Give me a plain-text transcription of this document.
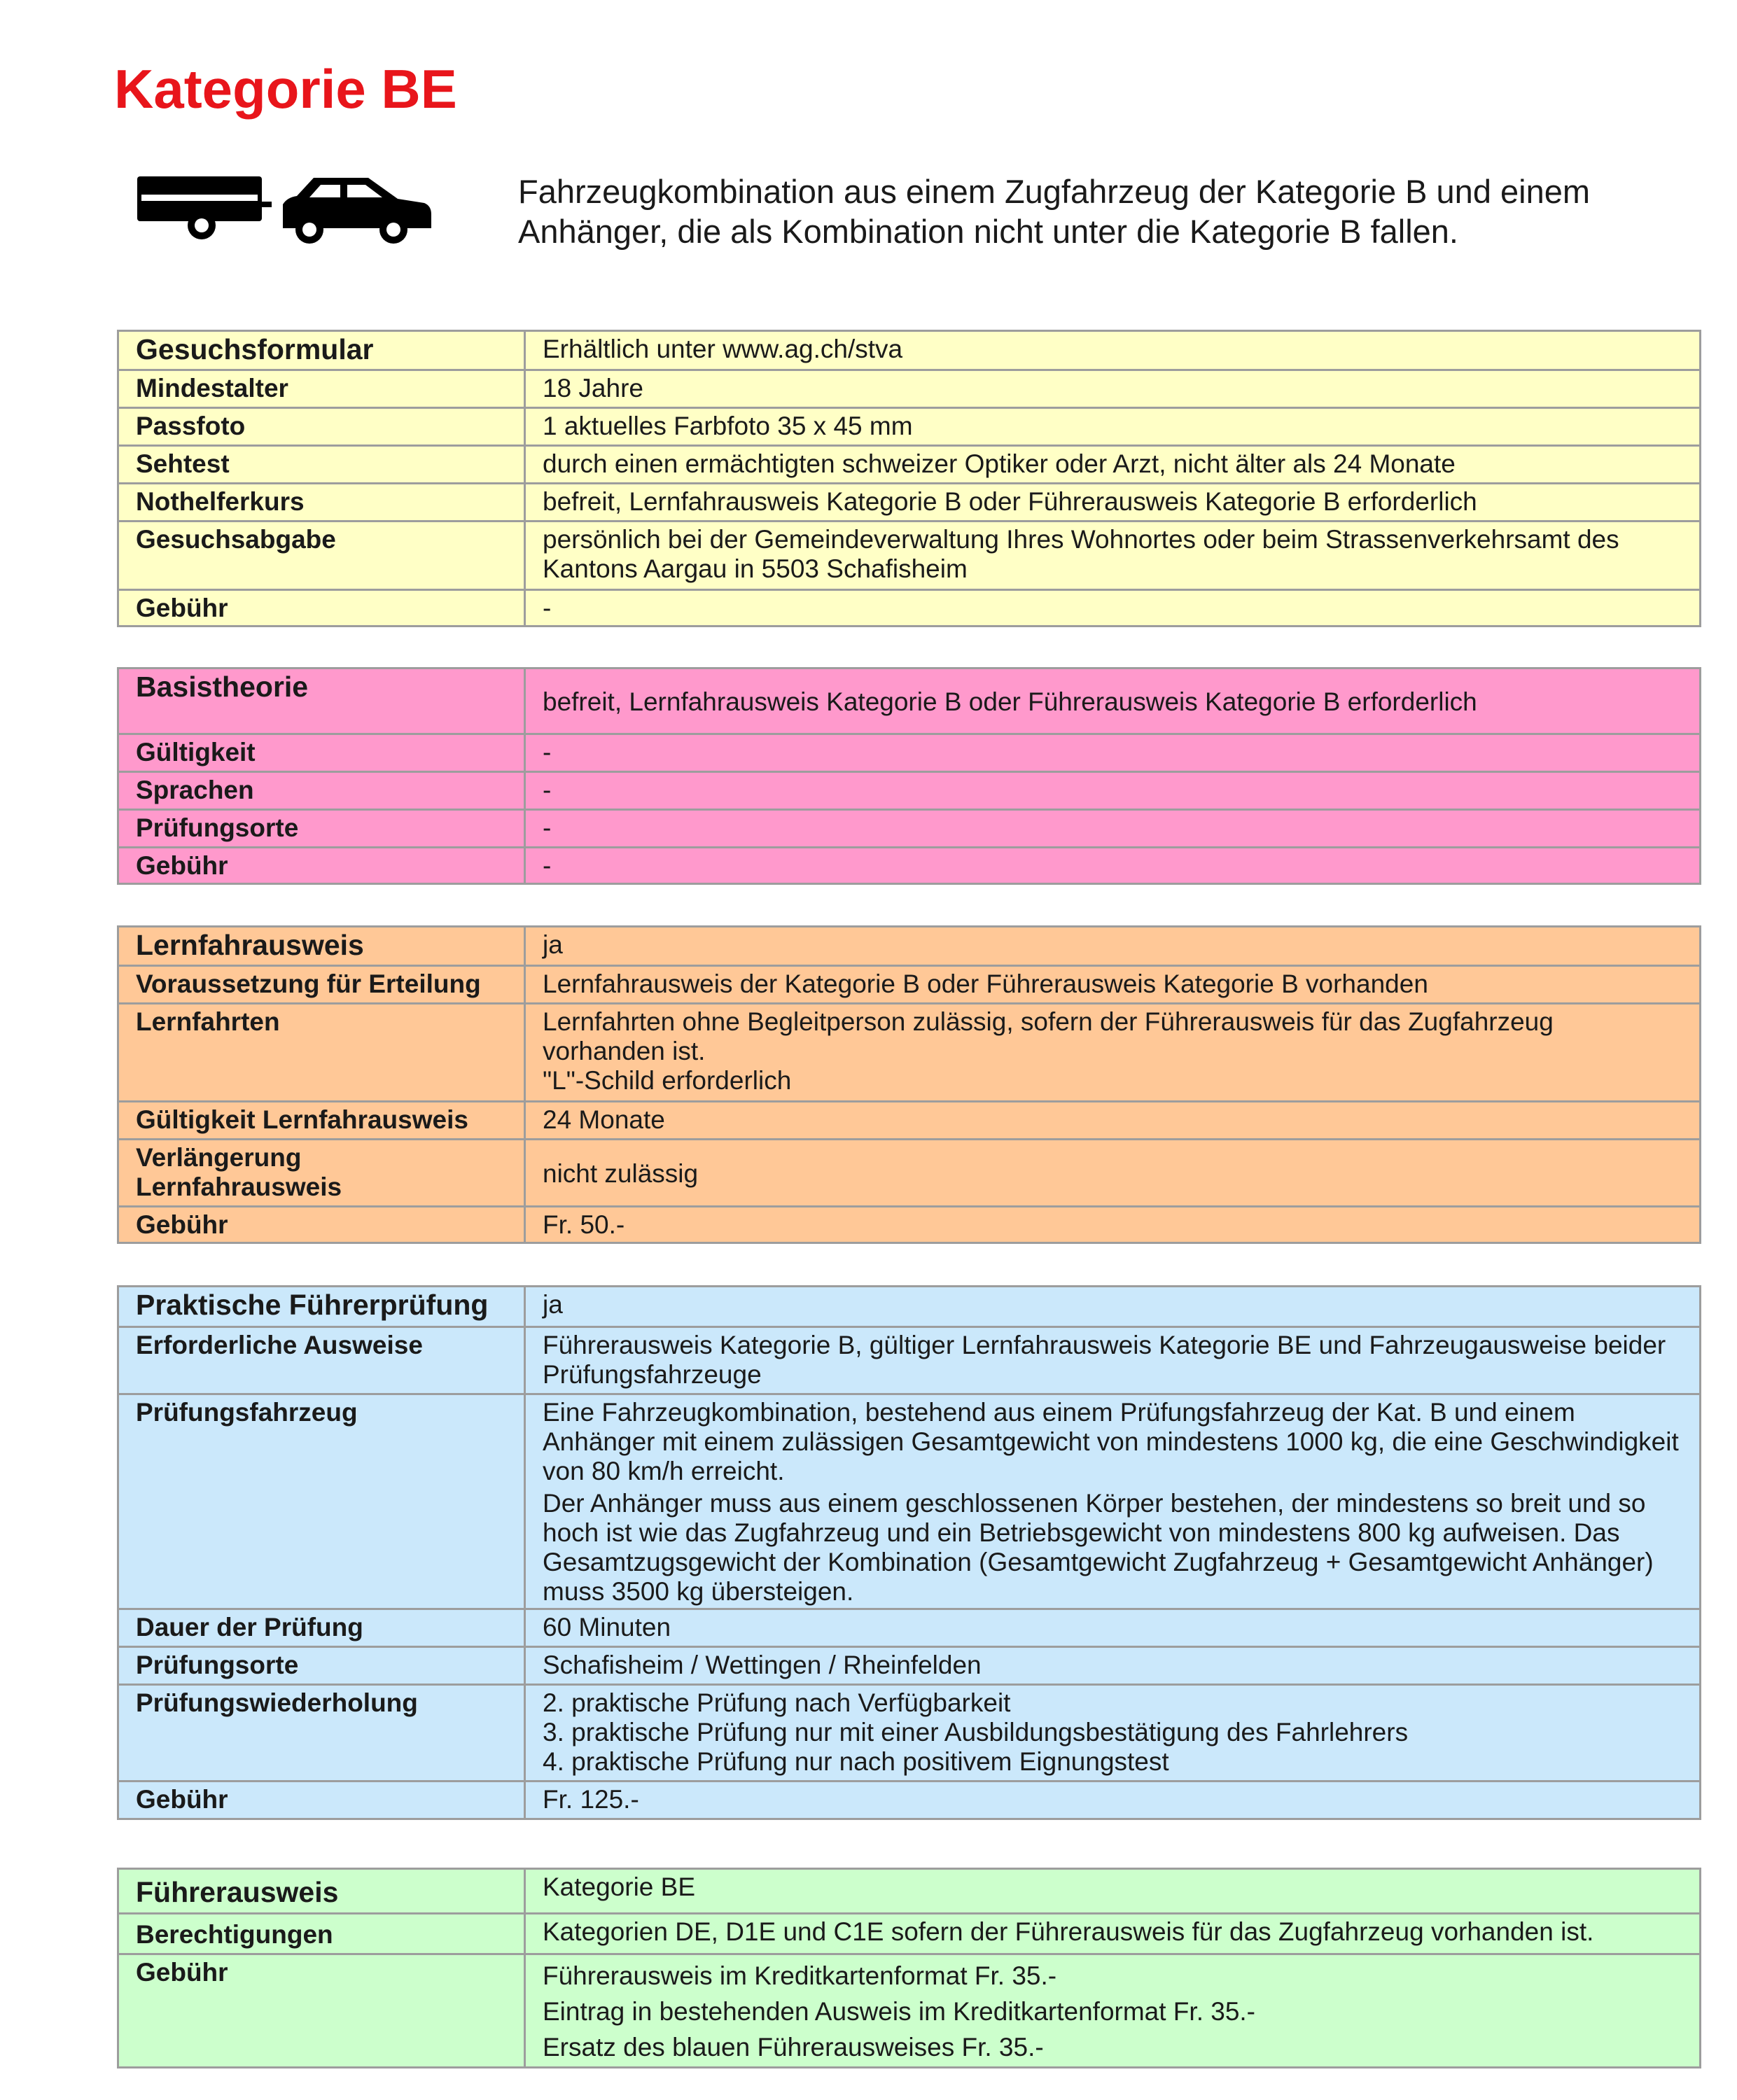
Kategorie BE

Fahrzeugkombination aus einem Zugfahrzeug der Kategorie B und einem Anhänger, die als Kombination nicht unter die Kategorie B fallen.

Gesuchsformular	Erhältlich unter www.ag.ch/stva
Mindestalter	18 Jahre
Passfoto	1 aktuelles Farbfoto 35 x 45 mm
Sehtest	durch einen ermächtigten schweizer Optiker oder Arzt, nicht älter als 24 Monate
Nothelferkurs	befreit, Lernfahrausweis Kategorie B oder Führerausweis Kategorie B erforderlich
Gesuchsabgabe	persönlich bei der Gemeindeverwaltung Ihres Wohnortes oder beim Strassenverkehrsamt des Kantons Aargau in 5503 Schafisheim
Gebühr	-
Basistheorie	befreit, Lernfahrausweis Kategorie B oder Führerausweis Kategorie B erforderlich
Gültigkeit	-
Sprachen	-
Prüfungsorte	-
Gebühr	-
Lernfahrausweis	ja
Voraussetzung für Erteilung	Lernfahrausweis der Kategorie B oder Führerausweis Kategorie B vorhanden
Lernfahrten	Lernfahrten ohne Begleitperson zulässig, sofern der Führerausweis für das Zugfahrzeug vorhanden ist.
"L"-Schild erforderlich

Gültigkeit Lernfahrausweis	24 Monate
Verlängerung Lernfahrausweis	nicht zulässig
Gebühr	Fr. 50.-
Praktische Führerprüfung	ja
Erforderliche Ausweise	Führerausweis Kategorie B, gültiger Lernfahrausweis Kategorie BE und Fahrzeugausweise beider Prüfungsfahrzeuge
Prüfungsfahrzeug	Eine Fahrzeugkombination, bestehend aus einem Prüfungsfahrzeug der Kat. B und einem Anhänger mit einem zulässigen Gesamtgewicht von mindestens 1000 kg, die eine Geschwindigkeit von 80 km/h erreicht.
Der Anhänger muss aus einem geschlossenen Körper bestehen, der mindestens so breit und so hoch ist wie das Zugfahrzeug und ein Betriebsgewicht von mindestens 800 kg aufweisen. Das Gesamtzugsgewicht der Kombination (Gesamtgewicht Zugfahrzeug + Gesamtgewicht Anhänger) muss 3500 kg übersteigen.

Dauer der Prüfung	60 Minuten
Prüfungsorte	Schafisheim / Wettingen / Rheinfelden
Prüfungswiederholung	2. praktische Prüfung nach Verfügbarkeit
3. praktische Prüfung nur mit einer Ausbildungsbestätigung des Fahrlehrers
4. praktische Prüfung nur nach positivem Eignungstest

Gebühr	Fr. 125.-
Führerausweis	Kategorie BE
Berechtigungen	Kategorien DE, D1E und C1E sofern der Führerausweis für das Zugfahrzeug vorhanden ist.
Gebühr	Führerausweis im Kreditkartenformat Fr. 35.-
Eintrag in bestehenden Ausweis im Kreditkartenformat Fr. 35.-
Ersatz des blauen Führerausweises Fr. 35.-
